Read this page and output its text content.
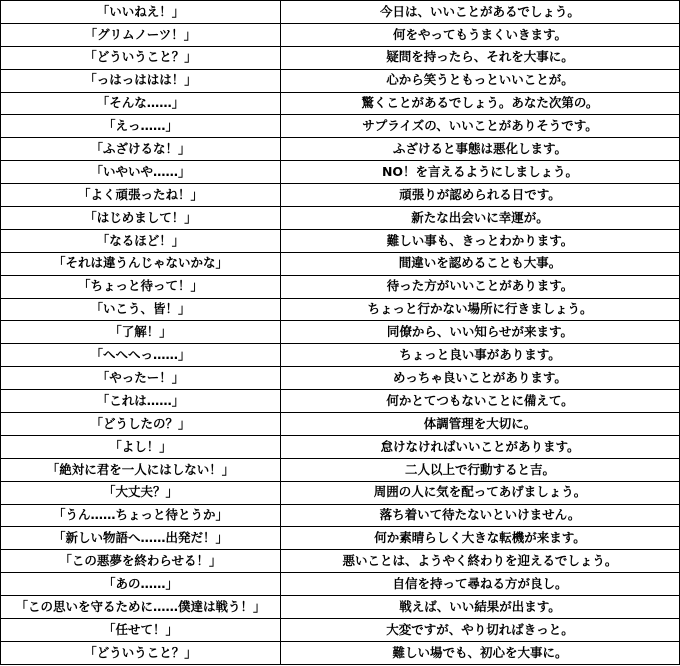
「いいねえ！」	今日は、いいことがあるでしょう。
「グリムノーツ！」	何をやってもうまくいきます。
「どういうこと？」	疑問を持ったら、それを大事に。
「っはっははは！」	心から笑うともっといいことが。
「そんな……」	驚くことがあるでしょう。あなた次第の。
「えっ……」	サプライズの、いいことがありそうです。
「ふざけるな！」	ふざけると事態は悪化します。
「いやいや……」	NO！を言えるようにしましょう。
「よく頑張ったね！」	頑張りが認められる日です。
「はじめまして！」	新たな出会いに幸運が。
「なるほど！」	難しい事も、きっとわかります。
「それは違うんじゃないかな」	間違いを認めることも大事。
「ちょっと待って！」	待った方がいいことがあります。
「いこう、皆！」	ちょっと行かない場所に行きましょう。
「了解！」	同僚から、いい知らせが来ます。
「へへへっ……」	ちょっと良い事があります。
「やったー！」	めっちゃ良いことがあります。
「これは……」	何かとてつもないことに備えて。
「どうしたの？」	体調管理を大切に。
「よし！」	怠けなければいいことがあります。
「絶対に君を一人にはしない！」	二人以上で行動すると吉。
「大丈夫？」	周囲の人に気を配ってあげましょう。
「うん……ちょっと待とうか」	落ち着いて待たないといけません。
「新しい物語へ……出発だ！」	何か素晴らしく大きな転機が来ます。
「この悪夢を終わらせる！」	悪いことは、ようやく終わりを迎えるでしょう。
「あの……」	自信を持って尋ねる方が良し。
「この思いを守るために……僕達は戦う！」	戦えば、いい結果が出ます。
「任せて！」	大変ですが、やり切ればきっと。
「どういうこと？」	難しい場でも、初心を大事に。
